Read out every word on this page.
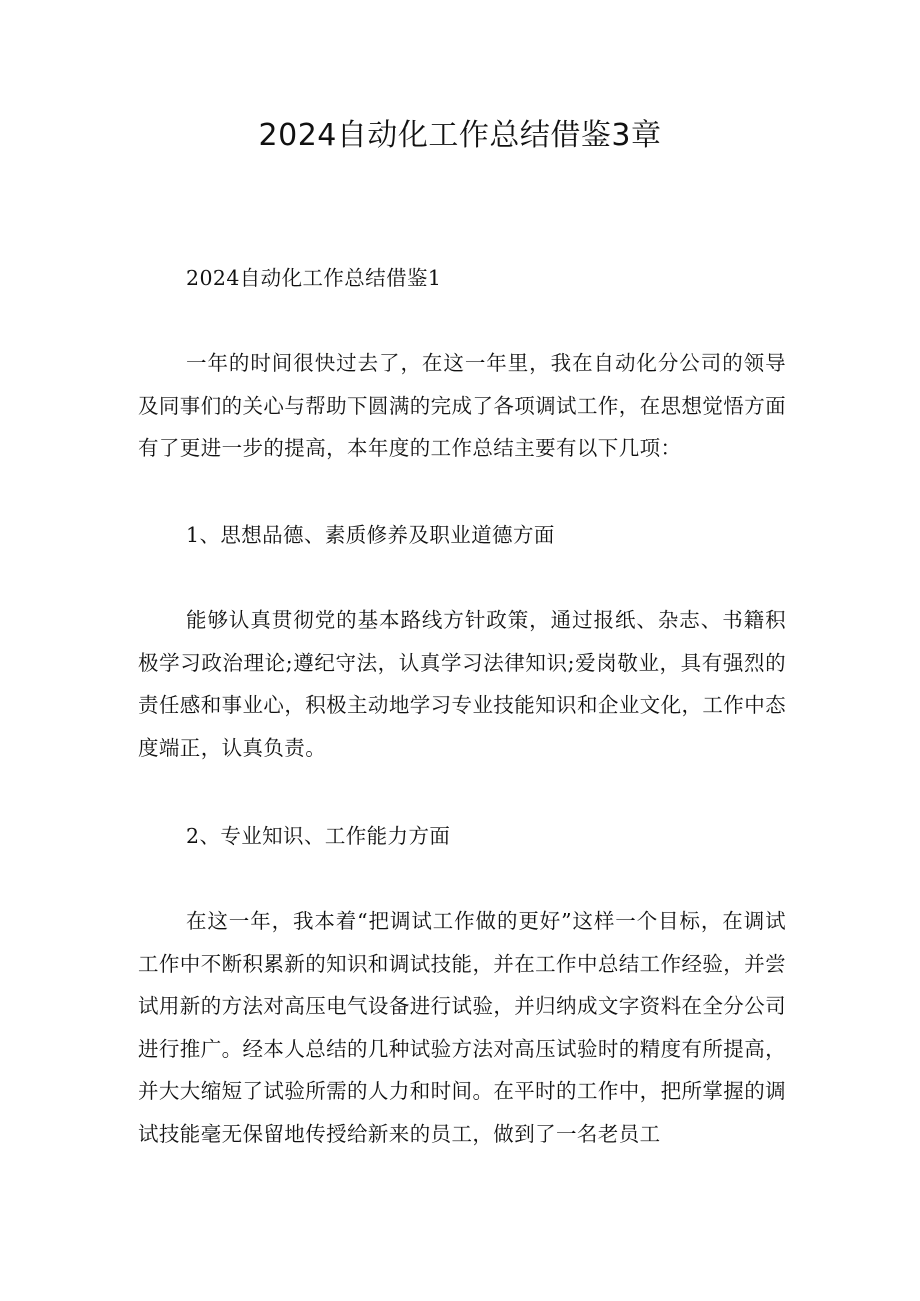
2024自动化工作总结借鉴3章

2024自动化工作总结借鉴1

一年的时间很快过去了，在这一年里，我在自动化分公司的领导及同事们的关心与帮助下圆满的完成了各项调试工作，在思想觉悟方面有了更进一步的提高，本年度的工作总结主要有以下几项：

1、思想品德、素质修养及职业道德方面

能够认真贯彻党的基本路线方针政策，通过报纸、杂志、书籍积极学习政治理论;遵纪守法，认真学习法律知识;爱岗敬业，具有强烈的责任感和事业心，积极主动地学习专业技能知识和企业文化，工作中态度端正，认真负责。

2、专业知识、工作能力方面

在这一年，我本着“把调试工作做的更好”这样一个目标，在调试工作中不断积累新的知识和调试技能，并在工作中总结工作经验，并尝试用新的方法对高压电气设备进行试验，并归纳成文字资料在全分公司进行推广。经本人总结的几种试验方法对高压试验时的精度有所提高，并大大缩短了试验所需的人力和时间。在平时的工作中，把所掌握的调试技能毫无保留地传授给新来的员工，做到了一名老员工
